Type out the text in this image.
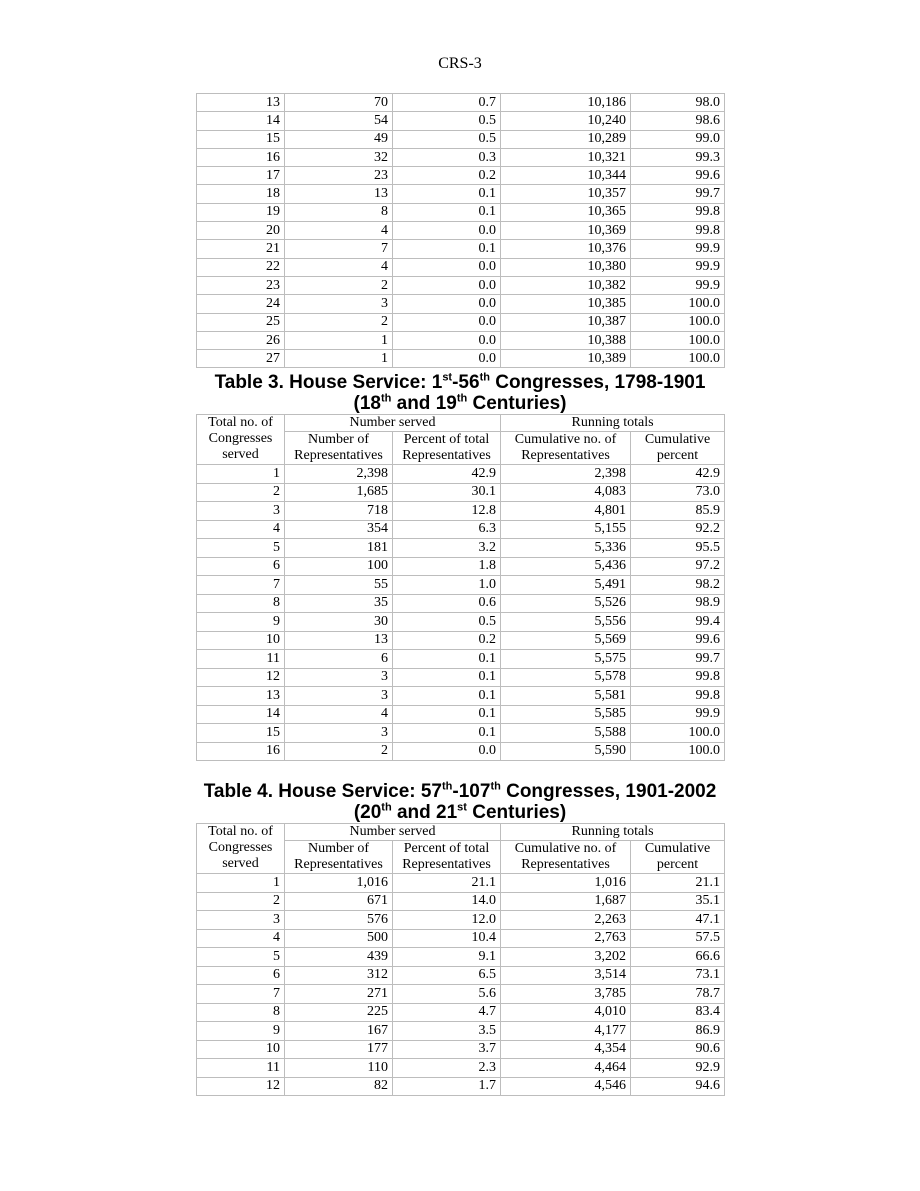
CRS-3
13	70	0.7	10,186	98.0
14	54	0.5	10,240	98.6
15	49	0.5	10,289	99.0
16	32	0.3	10,321	99.3
17	23	0.2	10,344	99.6
18	13	0.1	10,357	99.7
19	8	0.1	10,365	99.8
20	4	0.0	10,369	99.8
21	7	0.1	10,376	99.9
22	4	0.0	10,380	99.9
23	2	0.0	10,382	99.9
24	3	0.0	10,385	100.0
25	2	0.0	10,387	100.0
26	1	0.0	10,388	100.0
27	1	0.0	10,389	100.0
Table 3. House Service: 1st-56th Congresses, 1798-1901
(18th and 19th Centuries)
Total no. of Congresses served	Number served		Running totals	
	Number of Representatives	Percent of total Representatives	Cumulative no. of Representatives	Cumulative percent
1	2,398	42.9	2,398	42.9
2	1,685	30.1	4,083	73.0
3	718	12.8	4,801	85.9
4	354	6.3	5,155	92.2
5	181	3.2	5,336	95.5
6	100	1.8	5,436	97.2
7	55	1.0	5,491	98.2
8	35	0.6	5,526	98.9
9	30	0.5	5,556	99.4
10	13	0.2	5,569	99.6
11	6	0.1	5,575	99.7
12	3	0.1	5,578	99.8
13	3	0.1	5,581	99.8
14	4	0.1	5,585	99.9
15	3	0.1	5,588	100.0
16	2	0.0	5,590	100.0
Table 4. House Service: 57th-107th Congresses, 1901-2002
(20th and 21st Centuries)
Total no. of Congresses served	Number served		Running totals	
	Number of Representatives	Percent of total Representatives	Cumulative no. of Representatives	Cumulative percent
1	1,016	21.1	1,016	21.1
2	671	14.0	1,687	35.1
3	576	12.0	2,263	47.1
4	500	10.4	2,763	57.5
5	439	9.1	3,202	66.6
6	312	6.5	3,514	73.1
7	271	5.6	3,785	78.7
8	225	4.7	4,010	83.4
9	167	3.5	4,177	86.9
10	177	3.7	4,354	90.6
11	110	2.3	4,464	92.9
12	82	1.7	4,546	94.6
